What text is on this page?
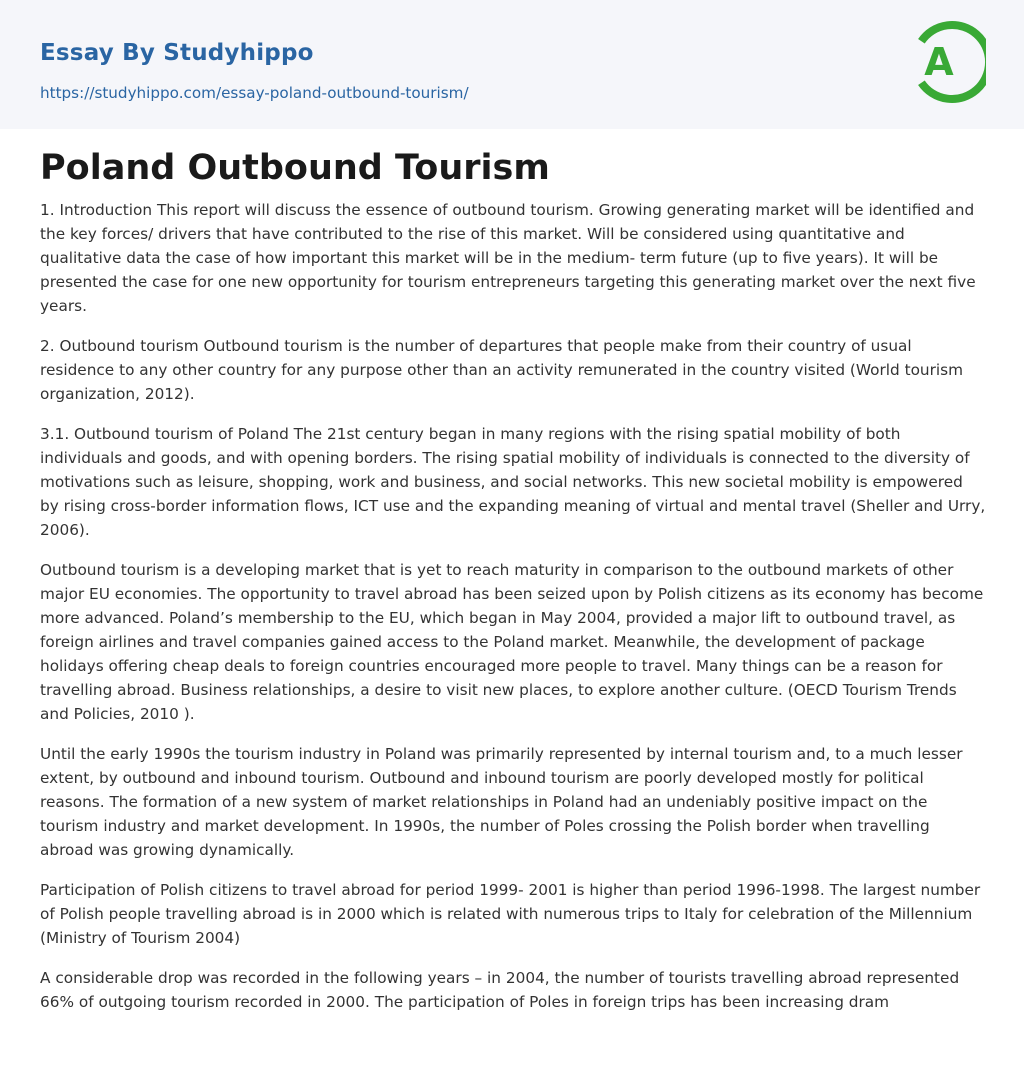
Essay By Studyhippo
https://studyhippo.com/essay-poland-outbound-tourism/
A
Poland Outbound Tourism

1. Introduction This report will discuss the essence of outbound tourism. Growing generating market will be identified and the key forces/ drivers that have contributed to the rise of this market. Will be considered using quantitative and qualitative data the case of how important this market will be in the medium- term future (up to five years). It will be presented the case for one new opportunity for tourism entrepreneurs targeting this generating market over the next five years.

2. Outbound tourism Outbound tourism is the number of departures that people make from their country of usual residence to any other country for any purpose other than an activity remunerated in the country visited (World tourism organization, 2012).

3.1. Outbound tourism of Poland The 21st century began in many regions with the rising spatial mobility of both individuals and goods, and with opening borders. The rising spatial mobility of individuals is connected to the diversity of motivations such as leisure, shopping, work and business, and social networks. This new societal mobility is empowered by rising cross-border information flows, ICT use and the expanding meaning of virtual and mental travel (Sheller and Urry, 2006).

Outbound tourism is a developing market that is yet to reach maturity in comparison to the outbound markets of other major EU economies. The opportunity to travel abroad has been seized upon by Polish citizens as its economy has become more advanced. Poland’s membership to the EU, which began in May 2004, provided a major lift to outbound travel, as foreign airlines and travel companies gained access to the Poland market. Meanwhile, the development of package holidays offering cheap deals to foreign countries encouraged more people to travel. Many things can be a reason for travelling abroad. Business relationships, a desire to visit new places, to explore another culture. (OECD Tourism Trends and Policies, 2010 ).

Until the early 1990s the tourism industry in Poland was primarily represented by internal tourism and, to a much lesser extent, by outbound and inbound tourism. Outbound and inbound tourism are poorly developed mostly for political reasons. The formation of a new system of market relationships in Poland had an undeniably positive impact on the tourism industry and market development. In 1990s, the number of Poles crossing the Polish border when travelling abroad was growing dynamically.

Participation of Polish citizens to travel abroad for period 1999- 2001 is higher than period 1996-1998. The largest number of Polish people travelling abroad is in 2000 which is related with numerous trips to Italy for celebration of the Millennium (Ministry of Tourism 2004)

A considerable drop was recorded in the following years – in 2004, the number of tourists travelling abroad represented 66% of outgoing tourism recorded in 2000. The participation of Poles in foreign trips has been increasing dram
